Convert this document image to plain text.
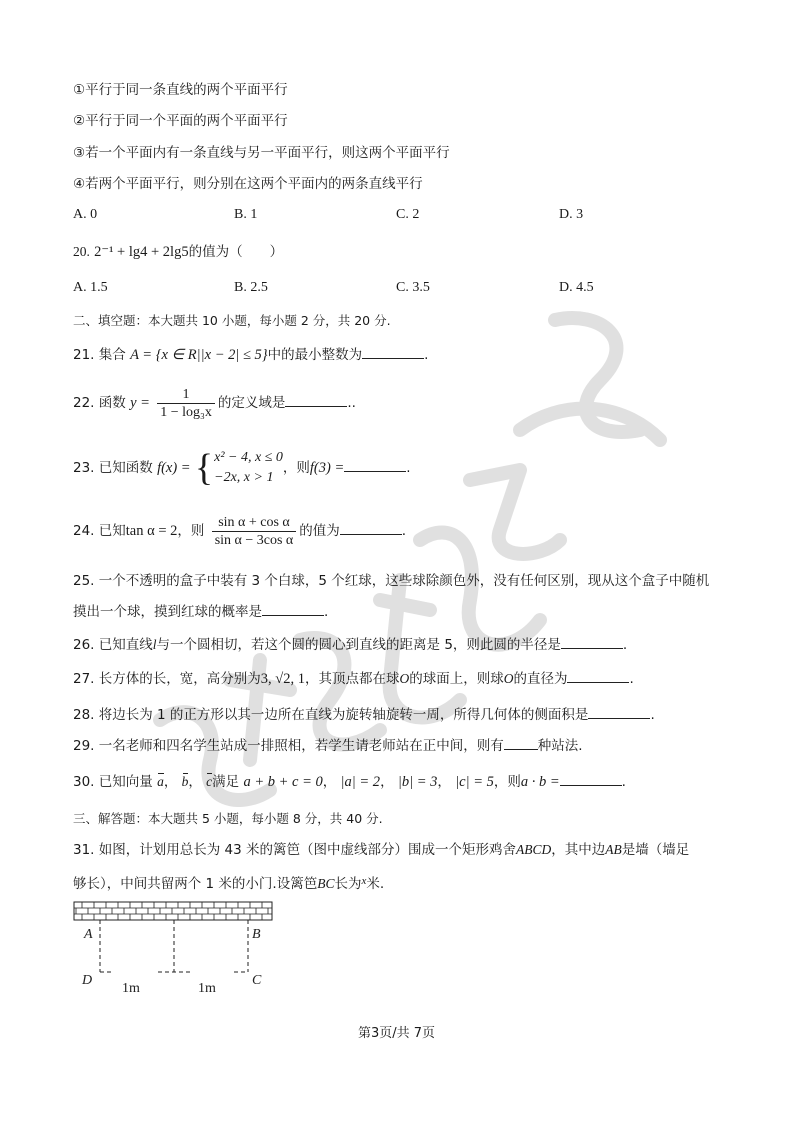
①平行于同一条直线的两个平面平行
②平行于同一个平面的两个平面平行
③若一个平面内有一条直线与另一平面平行，则这两个平面平行
④若两个平面平行，则分别在这两个平面内的两条直线平行
A. 0	B. 1	C. 2	D. 3
20. 2⁻¹ + lg4 + 2lg5的值为（　　）
A. 1.5	B. 2.5	C. 3.5	D. 4.5
二、填空题：本大题共 10 小题，每小题 2 分，共 20 分.
21. 集合 A = {x ∈ R||x − 2| ≤ 5}中的最小整数为	.
22. 函数 $y = \frac{1}{\text{1 − log₃x}}$ 的定义域是	..
23. 已知函数 f(x) = { x² − 4, x ≤ 0
−2x, x > 1
，则f(3) =	.
24. 已知tan α = 2，则 $\frac{\text{sin α + cos α}}{\text{sin α − 3cos α}}$ 的值为	.
25. 一个不透明的盒子中装有 3 个白球，5 个红球，这些球除颜色外，没有任何区别，现从这个盒子中随机
摸出一个球，摸到红球的概率是	.
26. 已知直线l与一个圆相切，若这个圆的圆心到直线的距离是 5，则此圆的半径是	.
27. 长方体的长，宽，高分别为3, √2, 1，其顶点都在球O的球面上，则球O的直径为	.
28. 将边长为 1 的正方形以其一边所在直线为旋转轴旋转一周，所得几何体的侧面积是	.
29. 一名老师和四名学生站成一排照相，若学生请老师站在正中间，则有	种站法.
30. 已知向量 a， b， c满足 a + b + c = 0， |a| = 2， |b| = 3， |c| = 5，则a · b =	.
三、解答题：本大题共 5 小题，每小题 8 分，共 40 分.
31. 如图，计划用总长为 43 米的篱笆（图中虚线部分）围成一个矩形鸡舍ABCD，其中边AB是墙（墙足
够长），中间共留两个 1 米的小门.设篱笆BC长为$^x$米.
A	B
D	C
1m	1m
第3页/共 7页
